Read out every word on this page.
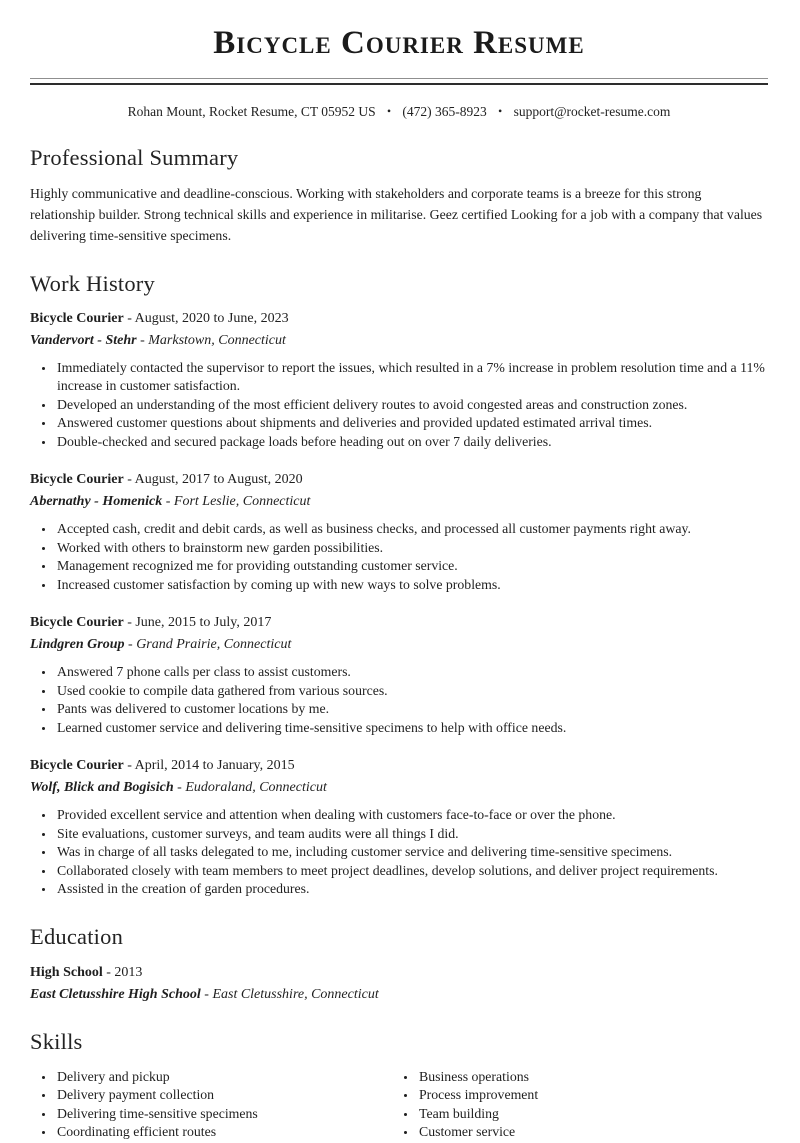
Bicycle Courier Resume
Rohan Mount, Rocket Resume, CT 05952 US • (472) 365-8923 • support@rocket-resume.com
Professional Summary

Highly communicative and deadline-conscious. Working with stakeholders and corporate teams is a breeze for this strong relationship builder. Strong technical skills and experience in militarise. Geez certified Looking for a job with a company that values delivering time-sensitive specimens.

Work History
Bicycle Courier - August, 2020 to June, 2023
Vandervort - Stehr - Markstown, Connecticut
• Immediately contacted the supervisor to report the issues, which resulted in a 7% increase in problem resolution time and a 11% increase in customer satisfaction.
• Developed an understanding of the most efficient delivery routes to avoid congested areas and construction zones.
• Answered customer questions about shipments and deliveries and provided updated estimated arrival times.
• Double-checked and secured package loads before heading out on over 7 daily deliveries.
Bicycle Courier - August, 2017 to August, 2020
Abernathy - Homenick - Fort Leslie, Connecticut
• Accepted cash, credit and debit cards, as well as business checks, and processed all customer payments right away.
• Worked with others to brainstorm new garden possibilities.
• Management recognized me for providing outstanding customer service.
• Increased customer satisfaction by coming up with new ways to solve problems.
Bicycle Courier - June, 2015 to July, 2017
Lindgren Group - Grand Prairie, Connecticut
• Answered 7 phone calls per class to assist customers.
• Used cookie to compile data gathered from various sources.
• Pants was delivered to customer locations by me.
• Learned customer service and delivering time-sensitive specimens to help with office needs.
Bicycle Courier - April, 2014 to January, 2015
Wolf, Blick and Bogisich - Eudoraland, Connecticut
• Provided excellent service and attention when dealing with customers face-to-face or over the phone.
• Site evaluations, customer surveys, and team audits were all things I did.
• Was in charge of all tasks delegated to me, including customer service and delivering time-sensitive specimens.
• Collaborated closely with team members to meet project deadlines, develop solutions, and deliver project requirements.
• Assisted in the creation of garden procedures.
Education
High School - 2013
East Cletusshire High School - East Cletusshire, Connecticut
Skills
• Delivery and pickup
• Delivery payment collection
• Delivering time-sensitive specimens
• Coordinating efficient routes
• Business operations
• Process improvement
• Team building
• Customer service
